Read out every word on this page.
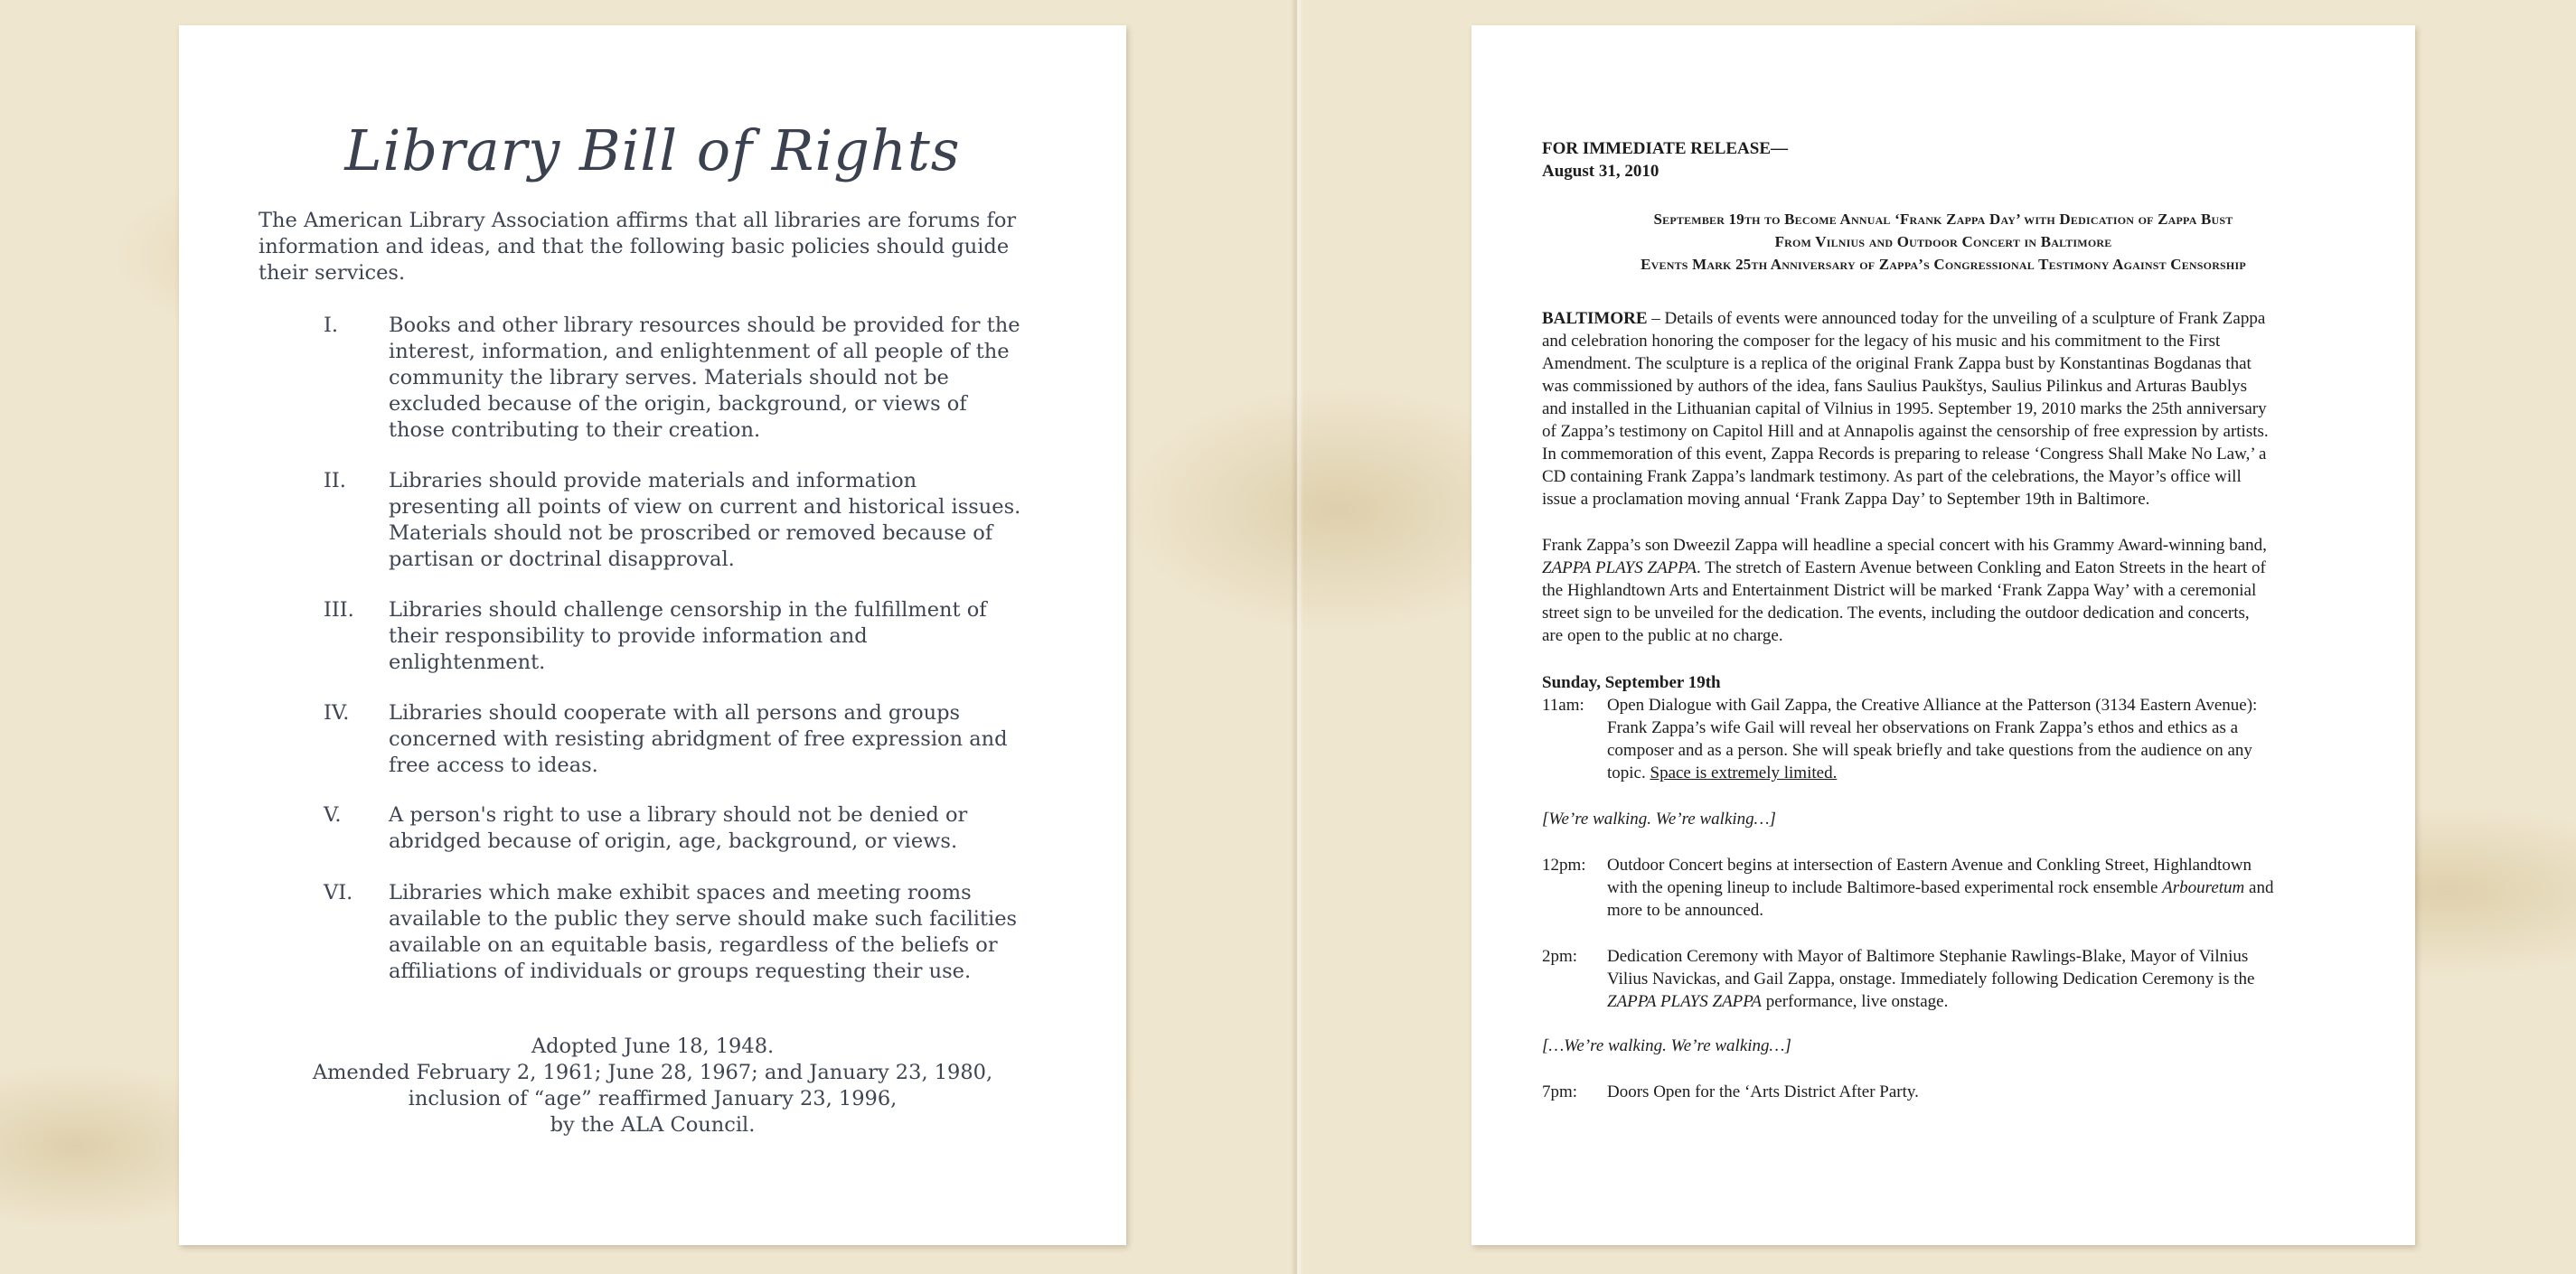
Library Bill of Rights
The American Library Association affirms that all libraries are forums for information and ideas, and that the following basic policies should guide their services.
I.	Books and other library resources should be provided for the
interest, information, and enlightenment of all people of the
community the library serves. Materials should not be
excluded because of the origin, background, or views of
those contributing to their creation.
II.	Libraries should provide materials and information
presenting all points of view on current and historical issues.
Materials should not be proscribed or removed because of
partisan or doctrinal disapproval.
III.	Libraries should challenge censorship in the fulfillment of
their responsibility to provide information and
enlightenment.
IV.	Libraries should cooperate with all persons and groups
concerned with resisting abridgment of free expression and
free access to ideas.
V.	A person's right to use a library should not be denied or
abridged because of origin, age, background, or views.
VI.	Libraries which make exhibit spaces and meeting rooms
available to the public they serve should make such facilities
available on an equitable basis, regardless of the beliefs or
affiliations of individuals or groups requesting their use.
Adopted June 18, 1948.
Amended February 2, 1961; June 28, 1967; and January 23, 1980,
inclusion of “age” reaffirmed January 23, 1996,
by the ALA Council.
FOR IMMEDIATE RELEASE—
August 31, 2010
September 19th to Become Annual ‘Frank Zappa Day’ with Dedication of Zappa Bust
From Vilnius and Outdoor Concert in Baltimore
Events Mark 25th Anniversary of Zappa’s Congressional Testimony Against Censorship
BALTIMORE – Details of events were announced today for the unveiling of a sculpture of Frank Zappa
and celebration honoring the composer for the legacy of his music and his commitment to the First
Amendment. The sculpture is a replica of the original Frank Zappa bust by Konstantinas Bogdanas that
was commissioned by authors of the idea, fans Saulius Paukštys, Saulius Pilinkus and Arturas Baublys
and installed in the Lithuanian capital of Vilnius in 1995. September 19, 2010 marks the 25th anniversary
of Zappa’s testimony on Capitol Hill and at Annapolis against the censorship of free expression by artists.
In commemoration of this event, Zappa Records is preparing to release ‘Congress Shall Make No Law,’ a
CD containing Frank Zappa’s landmark testimony. As part of the celebrations, the Mayor’s office will
issue a proclamation moving annual ‘Frank Zappa Day’ to September 19th in Baltimore.
Frank Zappa’s son Dweezil Zappa will headline a special concert with his Grammy Award-winning band,
ZAPPA PLAYS ZAPPA. The stretch of Eastern Avenue between Conkling and Eaton Streets in the heart of
the Highlandtown Arts and Entertainment District will be marked ‘Frank Zappa Way’ with a ceremonial
street sign to be unveiled for the dedication. The events, including the outdoor dedication and concerts,
are open to the public at no charge.
Sunday, September 19th
11am:	Open Dialogue with Gail Zappa, the Creative Alliance at the Patterson (3134 Eastern Avenue):
Frank Zappa’s wife Gail will reveal her observations on Frank Zappa’s ethos and ethics as a
composer and as a person. She will speak briefly and take questions from the audience on any
topic. Space is extremely limited.
[We’re walking. We’re walking…]
12pm:	Outdoor Concert begins at intersection of Eastern Avenue and Conkling Street, Highlandtown
with the opening lineup to include Baltimore-based experimental rock ensemble Arbouretum and
more to be announced.
2pm:	Dedication Ceremony with Mayor of Baltimore Stephanie Rawlings-Blake, Mayor of Vilnius
Vilius Navickas, and Gail Zappa, onstage. Immediately following Dedication Ceremony is the
ZAPPA PLAYS ZAPPA performance, live onstage.
[…We’re walking. We’re walking…]
7pm:	Doors Open for the ‘Arts District After Party.
